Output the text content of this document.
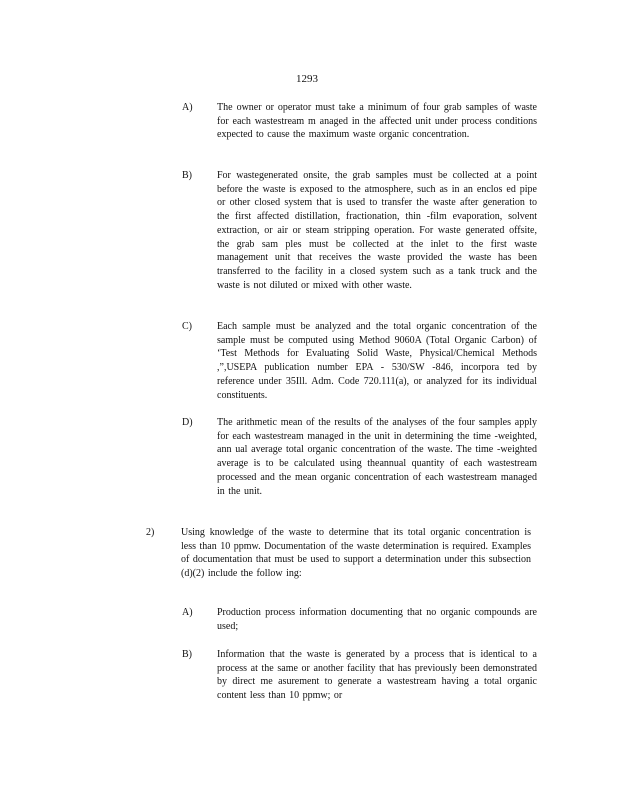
1293
A) The owner or operator must take a minimum of four grab samples of waste for each wastestream m anaged in the affected unit under process conditions expected to cause the maximum waste organic concentration.
B)	For wastegenerated onsite, the grab samples must be collected at a point before the waste is exposed to the atmosphere, such as in an enclos ed pipe or other closed system that is used to transfer the waste after generation to the first affected distillation, fractionation, thin -film evaporation, solvent extraction, or air or steam stripping operation. For waste generated offsite, the grab sam ples must be collected at the inlet to the first waste management unit that receives the waste provided the waste has been transferred to the facility in a closed system such as a tank truck and the waste is not diluted or mixed with other waste.
C)	Each sample must be analyzed and the total organic concentration of the sample must be computed using Method 9060A (Total Organic Carbon) of ‘Test Methods for Evaluating Solid Waste, Physical/Chemical Methods ,”,USEPA publication number EPA - 530/SW -846, incorpora ted by reference under 35Ill. Adm. Code 720.111(a), or analyzed for its individual constituents.
D) The arithmetic mean of the results of the analyses of the four samples apply for each wastestream managed in the unit in determining the time -weighted, ann ual average total organic concentration of the waste. The time -weighted average is to be calculated using theannual quantity of each wastestream processed and the mean organic concentration of each wastestream managed in the unit.
2)	Using knowledge of the waste to determine that its total organic concentration is less than 10 ppmw. Documentation of the waste determination is required. Examples of documentation that must be used to support a determination under this subsection (d)(2) include the follow ing:
A) Production process information documenting that no organic compounds are used;
B)	Information that the waste is generated by a process that is identical to a process at the same or another facility that has previously been demonstrated by direct me asurement to generate a wastestream having a total organic content less than 10 ppmw; or
